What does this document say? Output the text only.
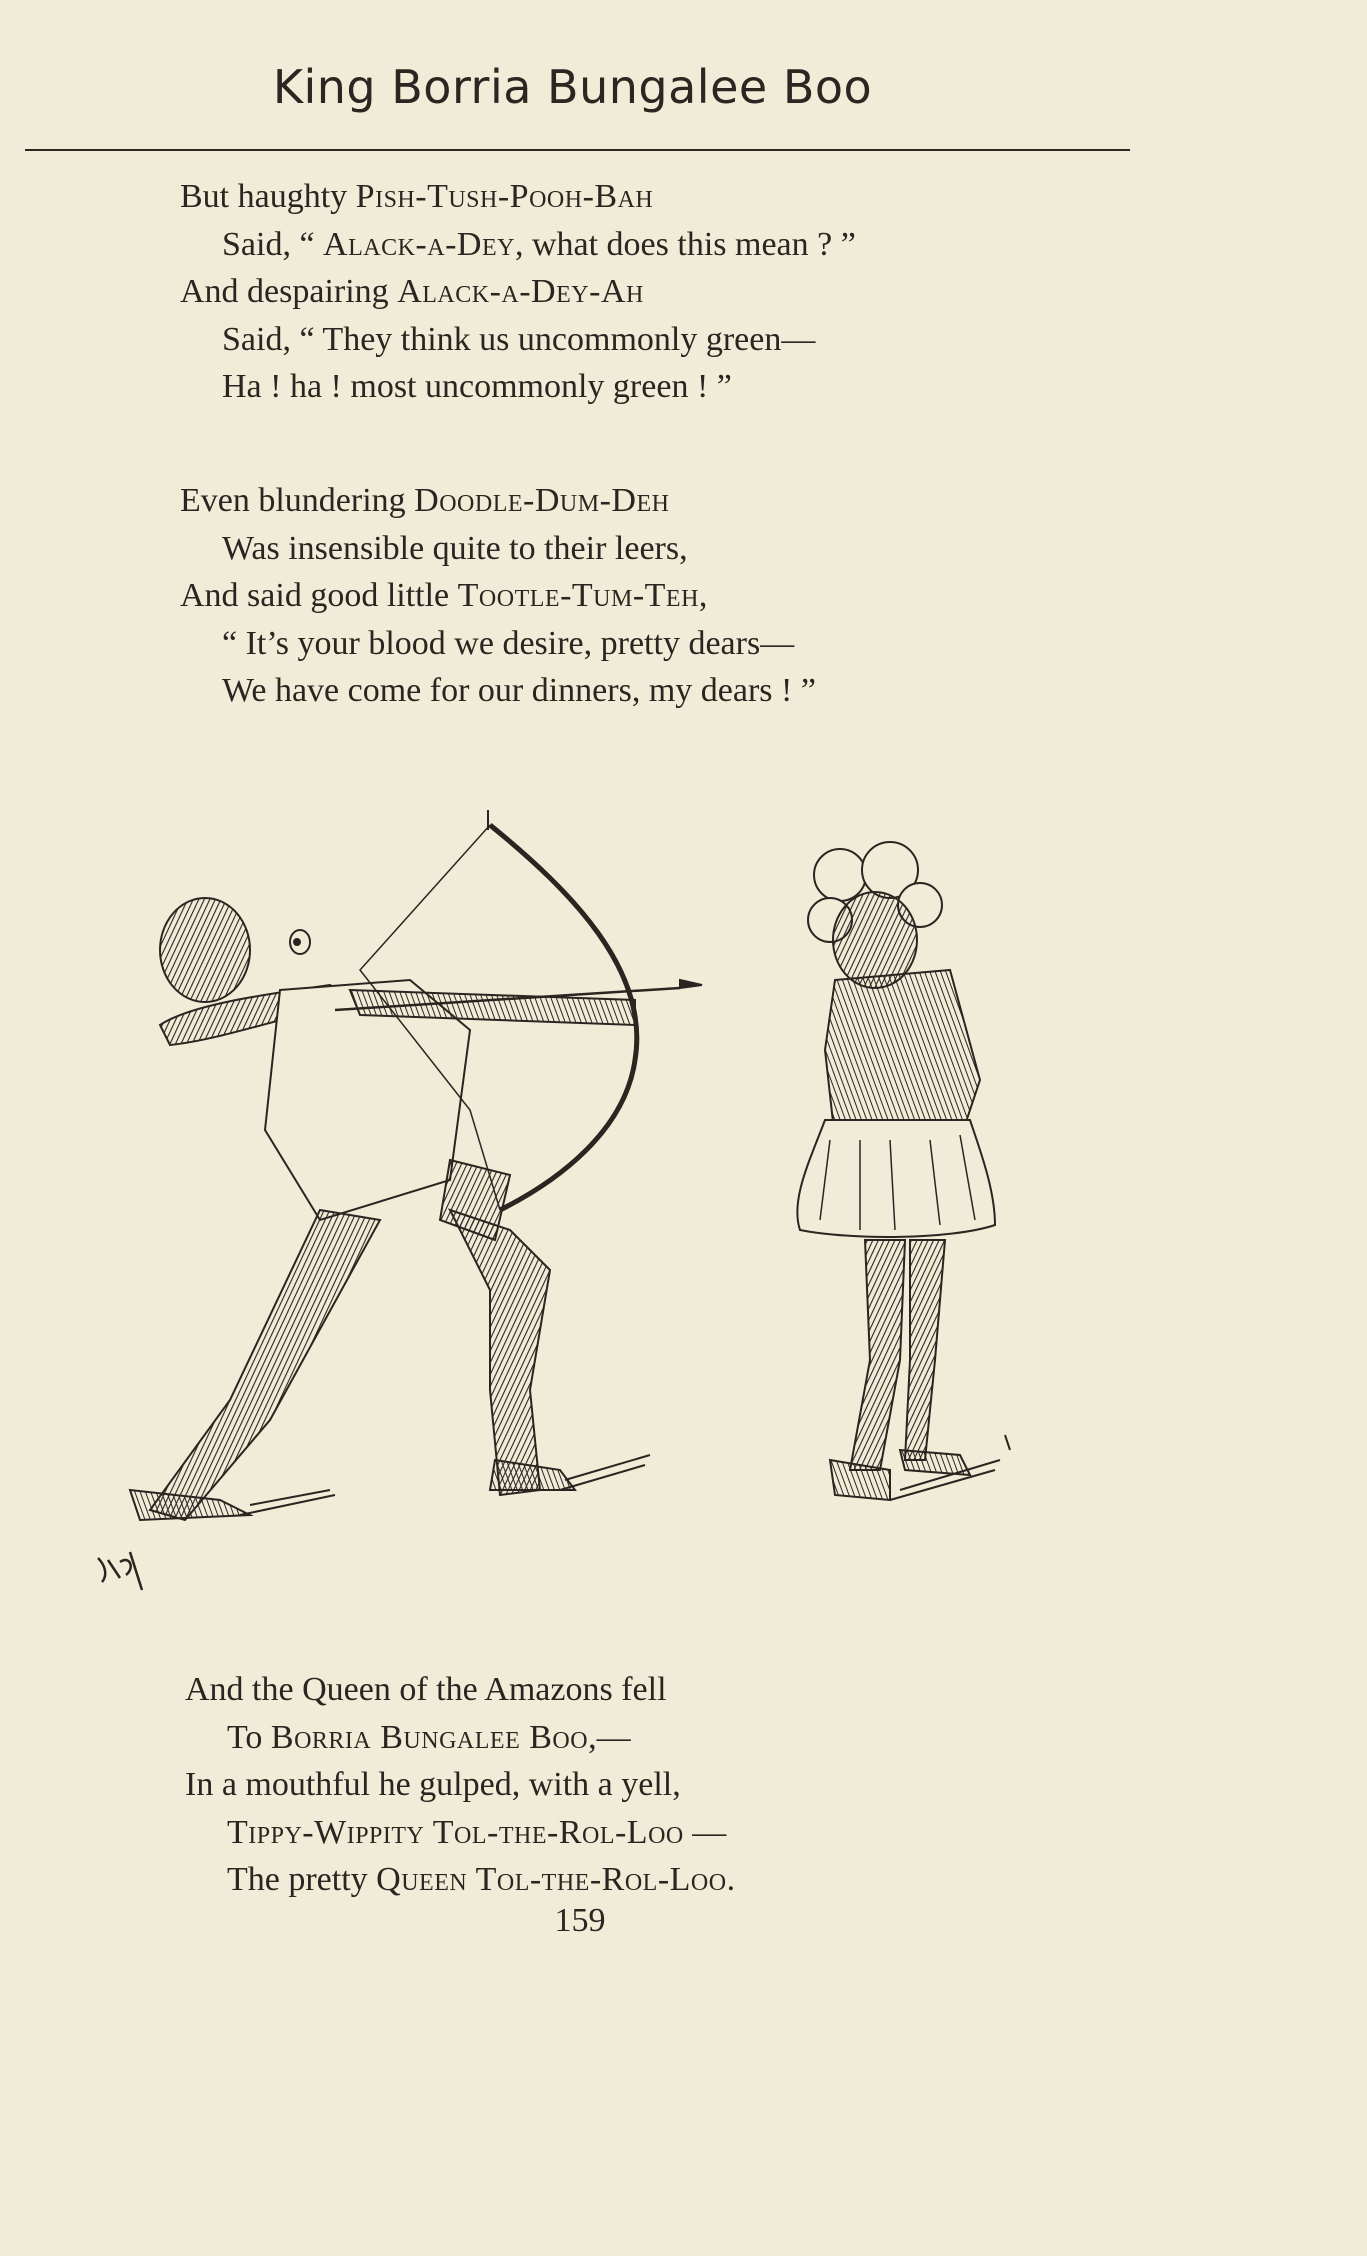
King Borria Bungalee Boo
But haughty Pish-Tush-Pooh-Bah
Said, “ Alack-a-Dey, what does this mean ? ”
And despairing Alack-a-Dey-Ah
Said, “ They think us uncommonly green—
Ha ! ha ! most uncommonly green ! ”
Even blundering Doodle-Dum-Deh
Was insensible quite to their leers,
And said good little Tootle-Tum-Teh,
“ It’s your blood we desire, pretty dears—
We have come for our dinners, my dears ! ”
And the Queen of the Amazons fell
To Borria Bungalee Boo,—
In a mouthful he gulped, with a yell,
Tippy-Wippity Tol-the-Rol-Loo —
The pretty Queen Tol-the-Rol-Loo.
159
